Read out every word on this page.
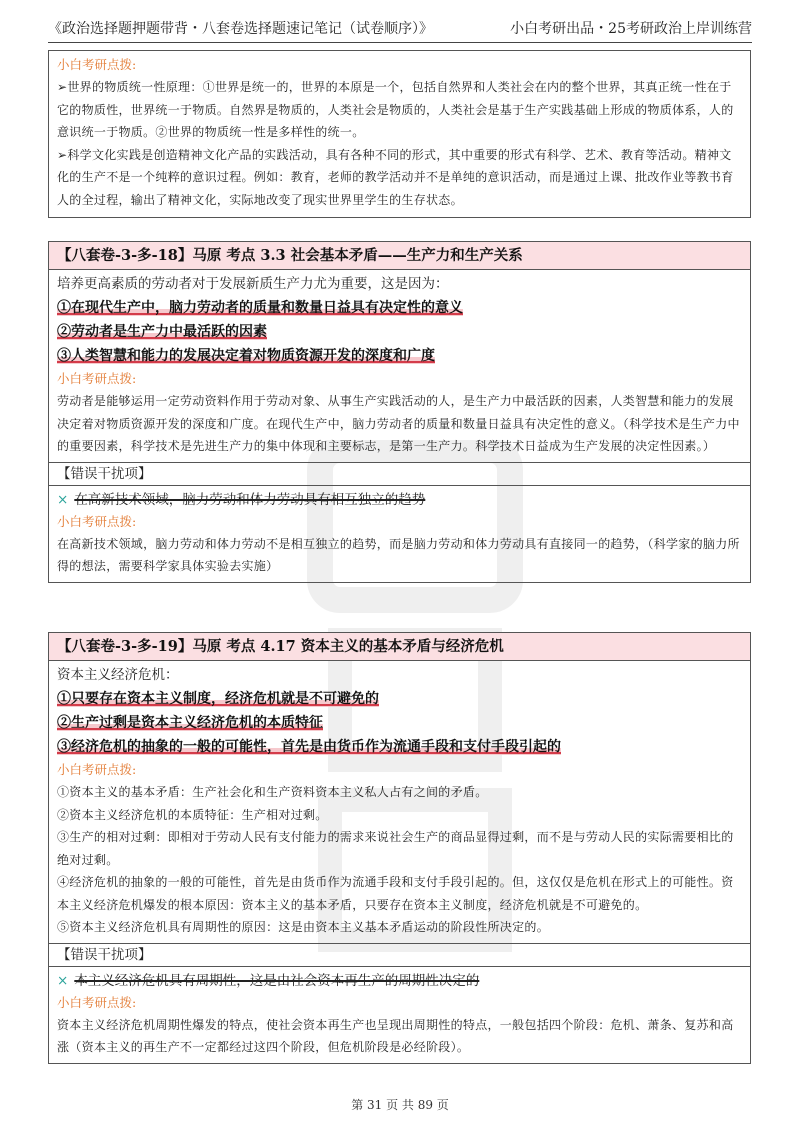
《政治选择题押题带背・八套卷选择题速记笔记（试卷顺序）》	小白考研出品・25考研政治上岸训练营
小白考研点拨:
➢世界的物质统一性原理：①世界是统一的，世界的本原是一个，包括自然界和人类社会在内的整个世界，其真正统一性在于它的物质性，世界统一于物质。自然界是物质的，人类社会是物质的，人类社会是基于生产实践基础上形成的物质体系，人的意识统一于物质。②世界的物质统一性是多样性的统一。
➢科学文化实践是创造精神文化产品的实践活动，具有各种不同的形式，其中重要的形式有科学、艺术、教育等活动。精神文化的生产不是一个纯粹的意识过程。例如：教育，老师的教学活动并不是单纯的意识活动，而是通过上课、批改作业等教书育人的全过程，输出了精神文化，实际地改变了现实世界里学生的生存状态。
【八套卷-3-多-18】马原 考点 3.3 社会基本矛盾——生产力和生产关系
培养更高素质的劳动者对于发展新质生产力尤为重要，这是因为：
①在现代生产中，脑力劳动者的质量和数量日益具有决定性的意义
②劳动者是生产力中最活跃的因素
③人类智慧和能力的发展决定着对物质资源开发的深度和广度
小白考研点拨:
劳动者是能够运用一定劳动资料作用于劳动对象、从事生产实践活动的人，是生产力中最活跃的因素，人类智慧和能力的发展决定着对物质资源开发的深度和广度。在现代生产中，脑力劳动者的质量和数量日益具有决定性的意义。（科学技术是生产力中的重要因素，科学技术是先进生产力的集中体现和主要标志，是第一生产力。科学技术日益成为生产发展的决定性因素。）
【错误干扰项】
× 在高新技术领域，脑力劳动和体力劳动具有相互独立的趋势
小白考研点拨:
在高新技术领域，脑力劳动和体力劳动不是相互独立的趋势，而是脑力劳动和体力劳动具有直接同一的趋势，（科学家的脑力所得的想法，需要科学家具体实验去实施）
【八套卷-3-多-19】马原 考点 4.17 资本主义的基本矛盾与经济危机
资本主义经济危机：
①只要存在资本主义制度，经济危机就是不可避免的
②生产过剩是资本主义经济危机的本质特征
③经济危机的抽象的一般的可能性，首先是由货币作为流通手段和支付手段引起的
小白考研点拨:
①资本主义的基本矛盾：生产社会化和生产资料资本主义私人占有之间的矛盾。
②资本主义经济危机的本质特征：生产相对过剩。
③生产的相对过剩：即相对于劳动人民有支付能力的需求来说社会生产的商品显得过剩，而不是与劳动人民的实际需要相比的绝对过剩。
④经济危机的抽象的一般的可能性，首先是由货币作为流通手段和支付手段引起的。但，这仅仅是危机在形式上的可能性。资本主义经济危机爆发的根本原因：资本主义的基本矛盾，只要存在资本主义制度，经济危机就是不可避免的。
⑤资本主义经济危机具有周期性的原因：这是由资本主义基本矛盾运动的阶段性所决定的。
【错误干扰项】
× 本主义经济危机具有周期性，这是由社会资本再生产的周期性决定的
小白考研点拨:
资本主义经济危机周期性爆发的特点，使社会资本再生产也呈现出周期性的特点，一般包括四个阶段：危机、萧条、复苏和高涨（资本主义的再生产不一定都经过这四个阶段，但危机阶段是必经阶段）。
第 31 页 共 89 页
